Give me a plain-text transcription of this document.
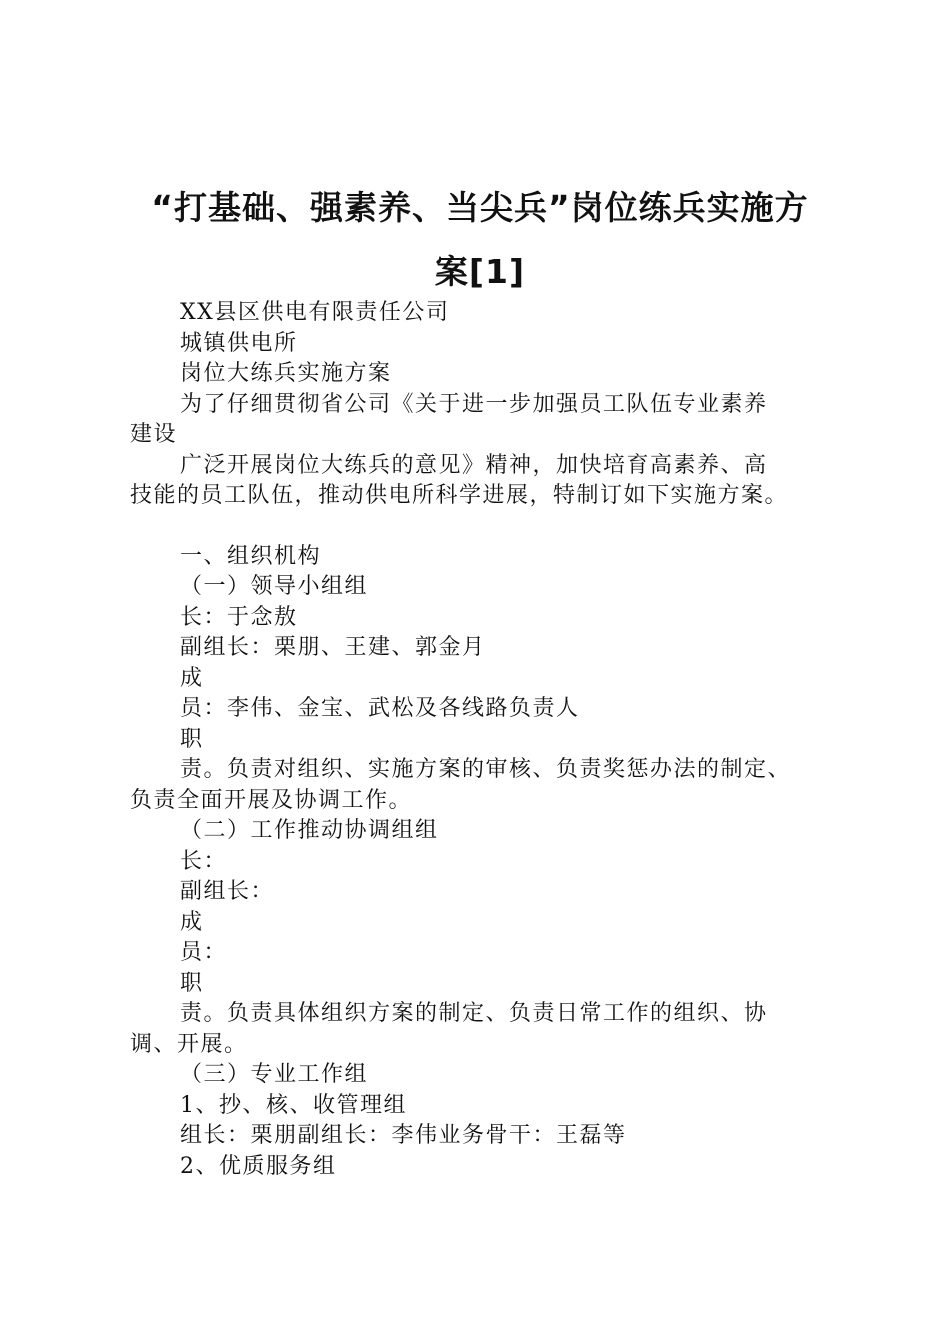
“打基础、强素养、当尖兵”岗位练兵实施方
案[1]
XX县区供电有限责任公司
城镇供电所
岗位大练兵实施方案
为了仔细贯彻省公司《关于进一步加强员工队伍专业素养
建设
广泛开展岗位大练兵的意见》精神，加快培育高素养、高
技能的员工队伍，推动供电所科学进展，特制订如下实施方案。
一、组织机构
（一）领导小组组
长：于念敖
副组长：栗朋、王建、郭金月
成
员：李伟、金宝、武松及各线路负责人
职
责。负责对组织、实施方案的审核、负责奖惩办法的制定、
负责全面开展及协调工作。
（二）工作推动协调组组
长：
副组长：
成
员：
职
责。负责具体组织方案的制定、负责日常工作的组织、协
调、开展。
（三）专业工作组
1、抄、核、收管理组
组长：栗朋副组长：李伟业务骨干：王磊等
2、优质服务组
